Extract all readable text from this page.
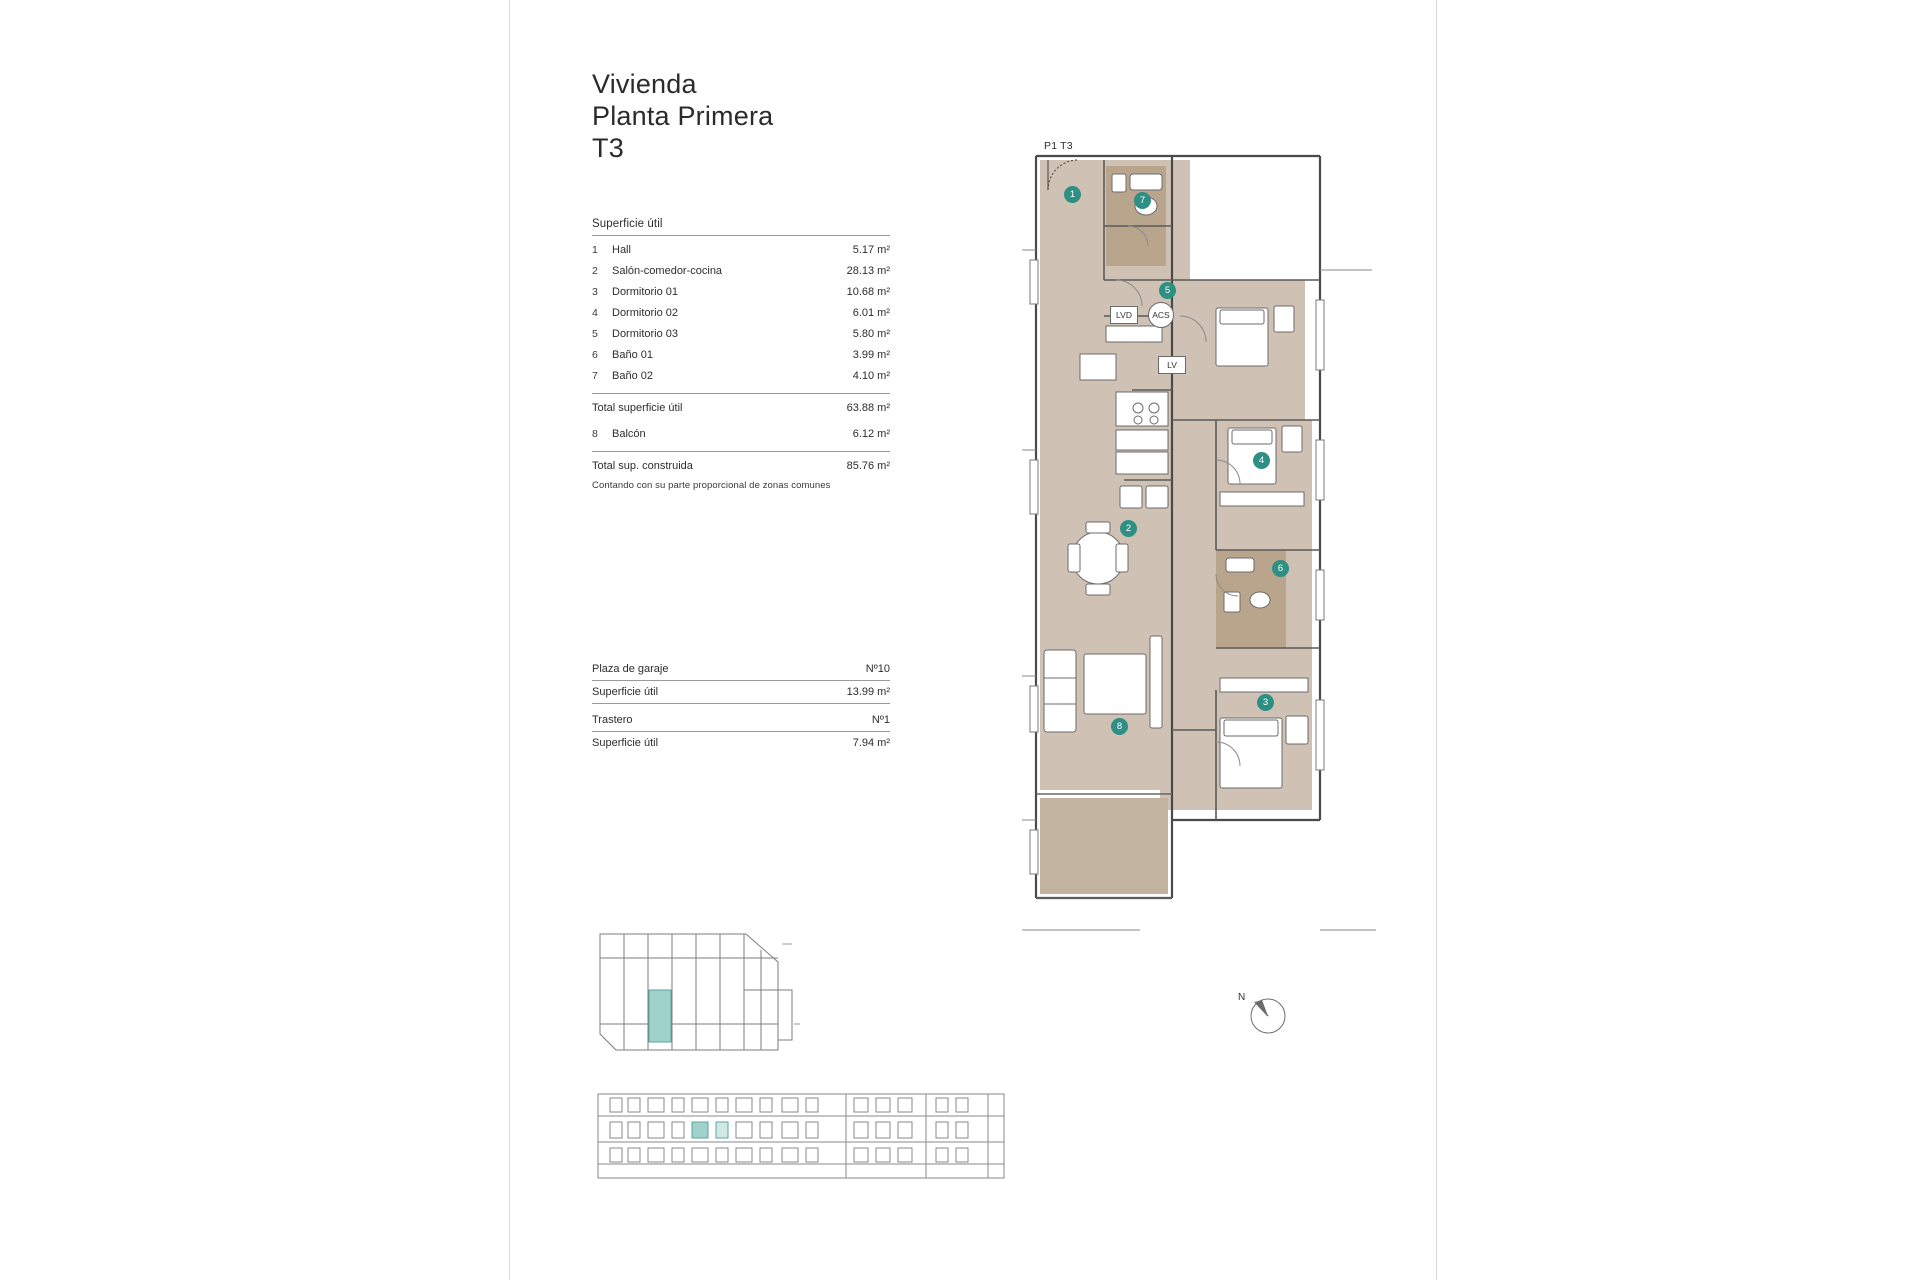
Vivienda
Planta Primera
T3
Superficie útil
1	Hall	5.17 m²
2	Salón-comedor-cocina	28.13 m²
3	Dormitorio 01	10.68 m²
4	Dormitorio 02	6.01 m²
5	Dormitorio 03	5.80 m²
6	Baño 01	3.99 m²
7	Baño 02	4.10 m²
Total superficie útil	63.88 m²
8	Balcón	6.12 m²
Total sup. construida	85.76 m²
Contando con su parte proporcional de zonas comunes
Plaza de garaje	Nº10
Superficie útil	13.99 m²
Trastero	Nº1
Superficie útil	7.94 m²
P1 T3
1
7
5
4
2
6
3
8
LVD	ACS
LV
N
